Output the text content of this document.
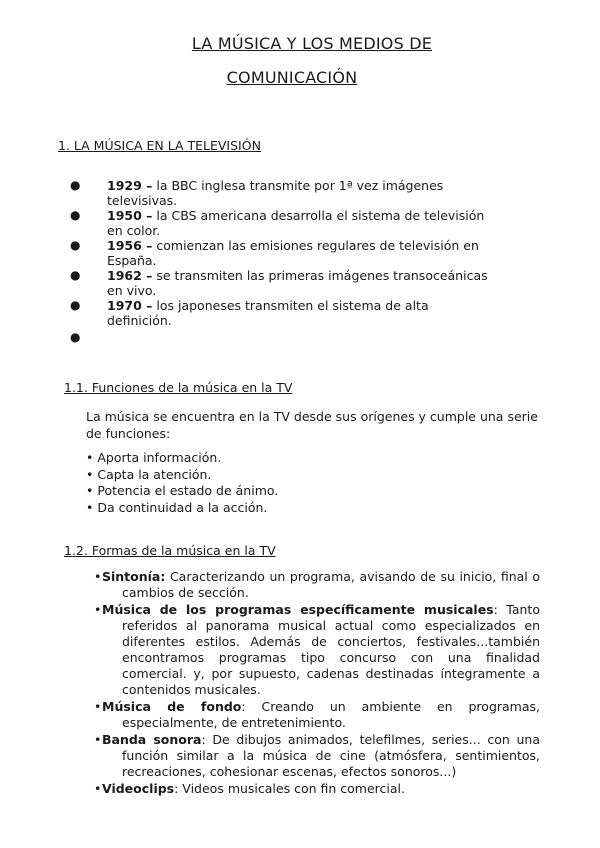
LA MÚSICA Y LOS MEDIOS DE
COMUNICACIÓN
1. LA MÚSICA EN LA TELEVISIÓN
● 1929 – la BBC inglesa transmite por 1ª vez imágenes televisivas.
● 1950 – la CBS americana desarrolla el sistema de televisión en color.
● 1956 – comienzan las emisiones regulares de televisión en España.
● 1962 – se transmiten las primeras imágenes transoceánicas en vivo.
● 1970 – los japoneses transmiten el sistema de alta definición.
●
1.1. Funciones de la música en la TV

La música se encuentra en la TV desde sus orígenes y cumple una serie de funciones:

• Aporta información.
• Capta la atención.
• Potencia el estado de ánimo.
• Da continuidad a la acción.
1.2. Formas de la música en la TV
•Sintonía: Caracterizando un programa, avisando de su inicio, final o cambios de sección.
•Música de los programas específicamente musicales: Tanto referidos al panorama musical actual como especializados en diferentes estilos. Además de conciertos, festivales...también encontramos programas tipo concurso con una finalidad comercial. y, por supuesto, cadenas destinadas íntegramente a contenidos musicales.
•Música de fondo: Creando un ambiente en programas, especialmente, de entretenimiento.
•Banda sonora: De dibujos animados, telefilmes, series... con una función similar a la música de cine (atmósfera, sentimientos, recreaciones, cohesionar escenas, efectos sonoros...)
•Videoclips: Videos musicales con fin comercial.
